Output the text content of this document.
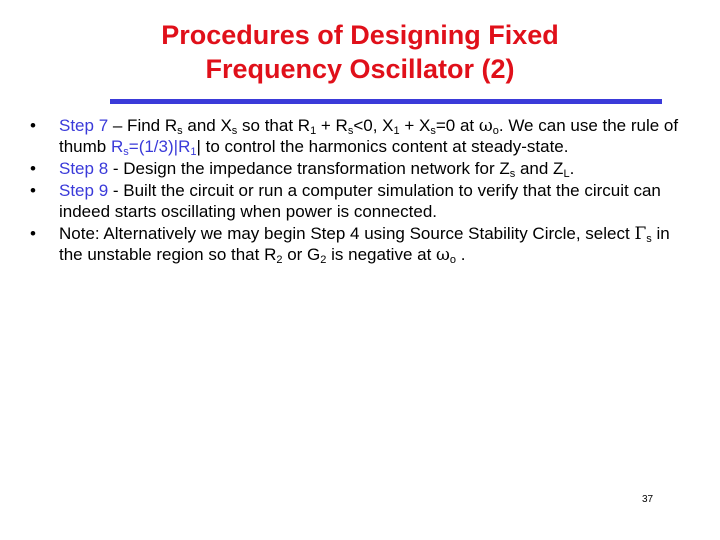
Procedures of Designing Fixed
Frequency Oscillator (2)
• Step 7 – Find $R_s$ and $X_s$ so that $R_1 + R_s<0$, $X_1 + X_s=0$ at $\omega_o$. We can use the rule of thumb $R_s=(1/3)|R_1|$ to control the harmonics content at steady-state.
• Step 8 - Design the impedance transformation network for $Z_s$ and $Z_L$.
• Step 9 - Built the circuit or run a computer simulation to verify that the circuit can indeed starts oscillating when power is connected.
• Note: Alternatively we may begin Step 4 using Source Stability Circle, select $\Gamma_s$ in the unstable region so that $R_2$ or $G_2$ is negative at $\omega_o$ .
37
